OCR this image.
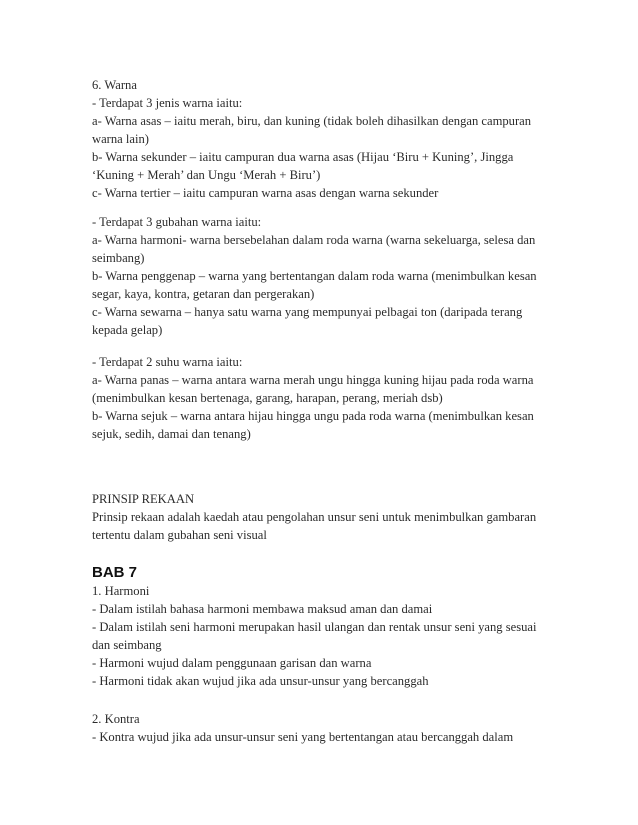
6. Warna
- Terdapat 3 jenis warna iaitu:
a- Warna asas – iaitu merah, biru, dan kuning (tidak boleh dihasilkan dengan campuran
warna lain)
b- Warna sekunder – iaitu campuran dua warna asas (Hijau ‘Biru + Kuning’, Jingga
‘Kuning + Merah’ dan Ungu ‘Merah + Biru’)
c- Warna tertier – iaitu campuran warna asas dengan warna sekunder
- Terdapat 3 gubahan warna iaitu:
a- Warna harmoni- warna bersebelahan dalam roda warna (warna sekeluarga, selesa dan
seimbang)
b- Warna penggenap – warna yang bertentangan dalam roda warna (menimbulkan kesan
segar, kaya, kontra, getaran dan pergerakan)
c- Warna sewarna – hanya satu warna yang mempunyai pelbagai ton (daripada terang
kepada gelap)
- Terdapat 2 suhu warna iaitu:
a- Warna panas – warna antara warna merah ungu hingga kuning hijau pada roda warna
(menimbulkan kesan bertenaga, garang, harapan, perang, meriah dsb)
b- Warna sejuk – warna antara hijau hingga ungu pada roda warna (menimbulkan kesan
sejuk, sedih, damai dan tenang)
PRINSIP REKAAN
Prinsip rekaan adalah kaedah atau pengolahan unsur seni untuk menimbulkan gambaran
tertentu dalam gubahan seni visual
BAB 7
1. Harmoni
- Dalam istilah bahasa harmoni membawa maksud aman dan damai
- Dalam istilah seni harmoni merupakan hasil ulangan dan rentak unsur seni yang sesuai
dan seimbang
- Harmoni wujud dalam penggunaan garisan dan warna
- Harmoni tidak akan wujud jika ada unsur-unsur yang bercanggah
2. Kontra
- Kontra wujud jika ada unsur-unsur seni yang bertentangan atau bercanggah dalam
